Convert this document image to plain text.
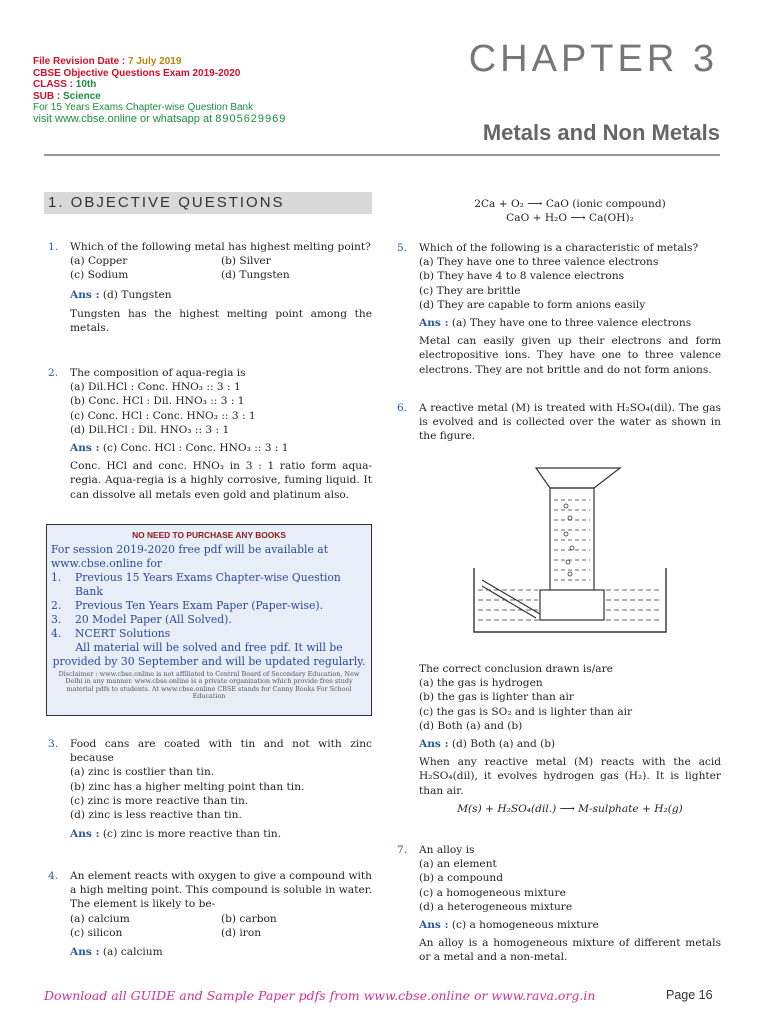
File Revision Date : 7 July 2019
CBSE Objective Questions Exam 2019-2020
CLASS : 10th
SUB : Science
For 15 Years Exams Chapter-wise Question Bank
visit www.cbse.online or whatsapp at 8905629969
CHAPTER 3
Metals and Non Metals
1. OBJECTIVE QUESTIONS
1. Which of the following metal has highest melting point?
(a) Copper	(b) Silver
(c) Sodium	(d) Tungsten
Ans : (d) Tungsten
Tungsten has the highest melting point among the metals.
2. The composition of aqua-regia is
(a) Dil.HCl : Conc. HNO₃ :: 3 : 1
(b) Conc. HCl : Dil. HNO₃ :: 3 : 1
(c) Conc. HCl : Conc. HNO₃ :: 3 : 1
(d) Dil.HCl : Dil. HNO₃ :: 3 : 1
Ans : (c) Conc. HCl : Conc. HNO₃ :: 3 : 1
Conc. HCl and conc. HNO₃ in 3 : 1 ratio form aqua-regia. Aqua-regia is a highly corrosive, fuming liquid. It can dissolve all metals even gold and platinum also.
NO NEED TO PURCHASE ANY BOOKS
For session 2019-2020 free pdf will be available at www.cbse.online for
1.	Previous 15 Years Exams Chapter-wise Question Bank
2.	Previous Ten Years Exam Paper (Paper-wise).
3.	20 Model Paper (All Solved).
4.	NCERT Solutions
All material will be solved and free pdf. It will be provided by 30 September and will be updated regularly.
Disclaimer : www.cbse.online is not affiliated to Central Board of Secondary Education, New Delhi in any manner. www.cbse.online is a private organization which provide free study material pdfs to students. At www.cbse.online CBSE stands for Canny Books For School Education
3. Food cans are coated with tin and not with zinc because
(a) zinc is costlier than tin.
(b) zinc has a higher melting point than tin.
(c) zinc is more reactive than tin.
(d) zinc is less reactive than tin.
Ans : (c) zinc is more reactive than tin.
4. An element reacts with oxygen to give a compound with a high melting point. This compound is soluble in water. The element is likely to be-
(a) calcium	(b) carbon
(c) silicon	(d) iron
Ans : (a) calcium
2Ca + O₂ ⟶ CaO (ionic compound)
CaO + H₂O ⟶ Ca(OH)₂
5. Which of the following is a characteristic of metals?
(a) They have one to three valence electrons
(b) They have 4 to 8 valence electrons
(c) They are brittle
(d) They are capable to form anions easily
Ans : (a) They have one to three valence electrons
Metal can easily given up their electrons and form electropositive ions. They have one to three valence electrons. They are not brittle and do not form anions.
6. A reactive metal (M) is treated with H₂SO₄(dil). The gas is evolved and is collected over the water as shown in the figure.
The correct conclusion drawn is/are
(a) the gas is hydrogen
(b) the gas is lighter than air
(c) the gas is SO₂ and is lighter than air
(d) Both (a) and (b)
Ans : (d) Both (a) and (b)
When any reactive metal (M) reacts with the acid H₂SO₄(dil), it evolves hydrogen gas (H₂). It is lighter than air.
M(s) + H₂SO₄(dil.) ⟶ M-sulphate + H₂(g)
7. An alloy is
(a) an element
(b) a compound
(c) a homogeneous mixture
(d) a heterogeneous mixture
Ans : (c) a homogeneous mixture
An alloy is a homogeneous mixture of different metals or a metal and a non-metal.
Download all GUIDE and Sample Paper pdfs from www.cbse.online or www.rava.org.in	Page 16
